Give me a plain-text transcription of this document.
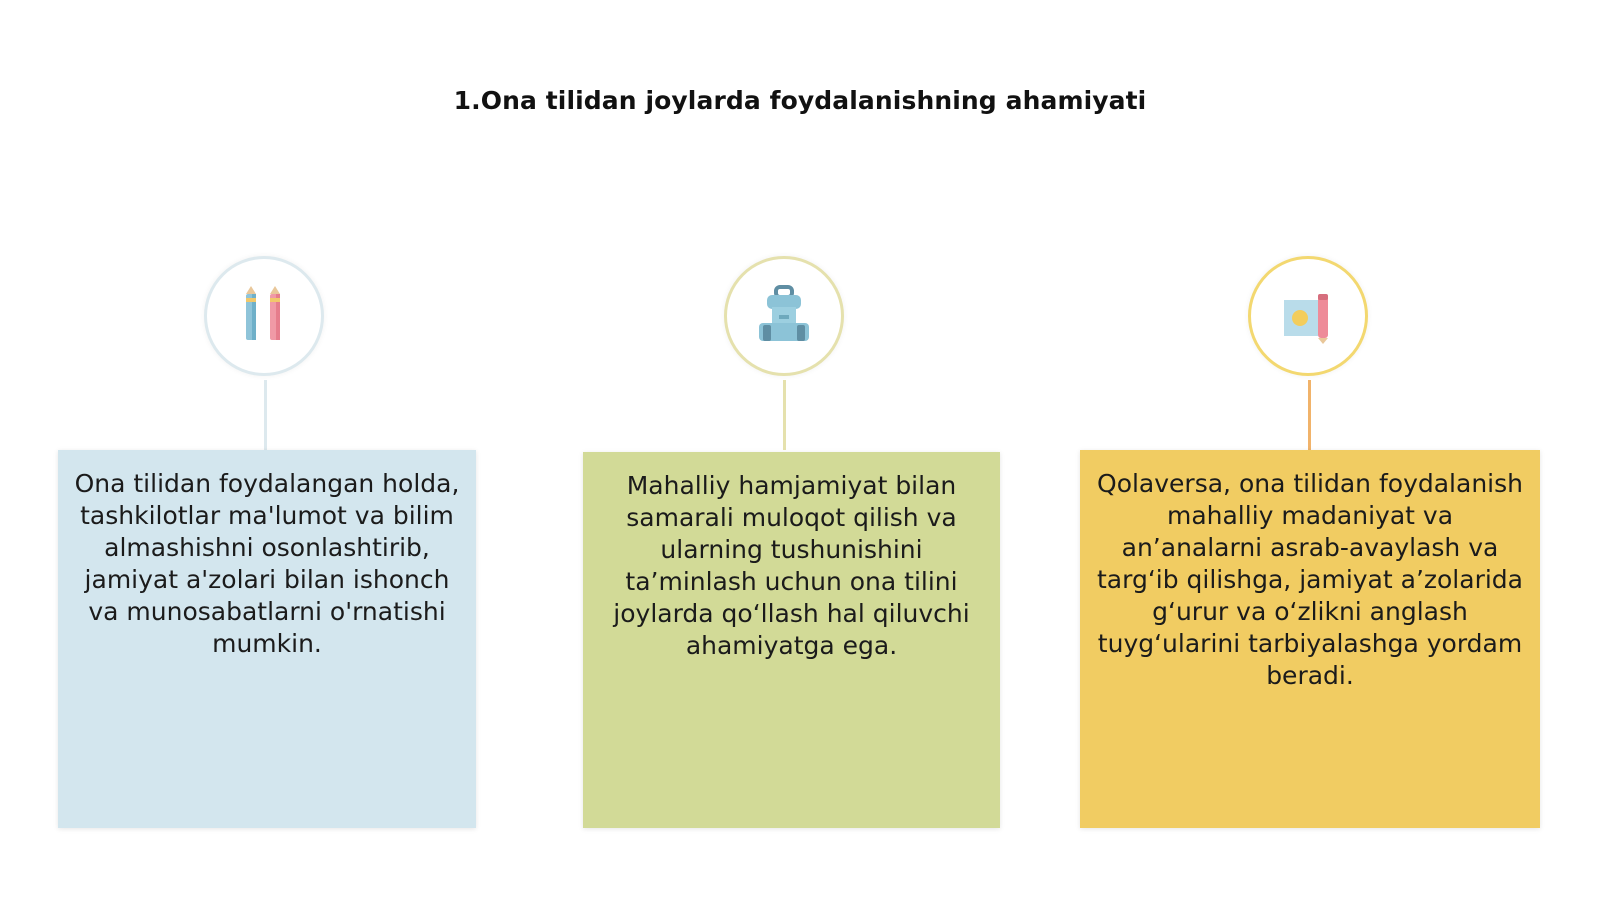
1.Ona tilidan joylarda foydalanishning ahamiyati

Ona tilidan foydalangan holda, tashkilotlar ma'lumot va bilim almashishni osonlashtirib, jamiyat a'zolari bilan ishonch va munosabatlarni o'rnatishi mumkin.

Mahalliy hamjamiyat bilan samarali muloqot qilish va ularning tushunishini ta’minlash uchun ona tilini joylarda qo‘llash hal qiluvchi ahamiyatga ega.

Qolaversa, ona tilidan foydalanish mahalliy madaniyat va an’analarni asrab-avaylash va targ‘ib qilishga, jamiyat a’zolarida g‘urur va o‘zlikni anglash tuyg‘ularini tarbiyalashga yordam beradi.
